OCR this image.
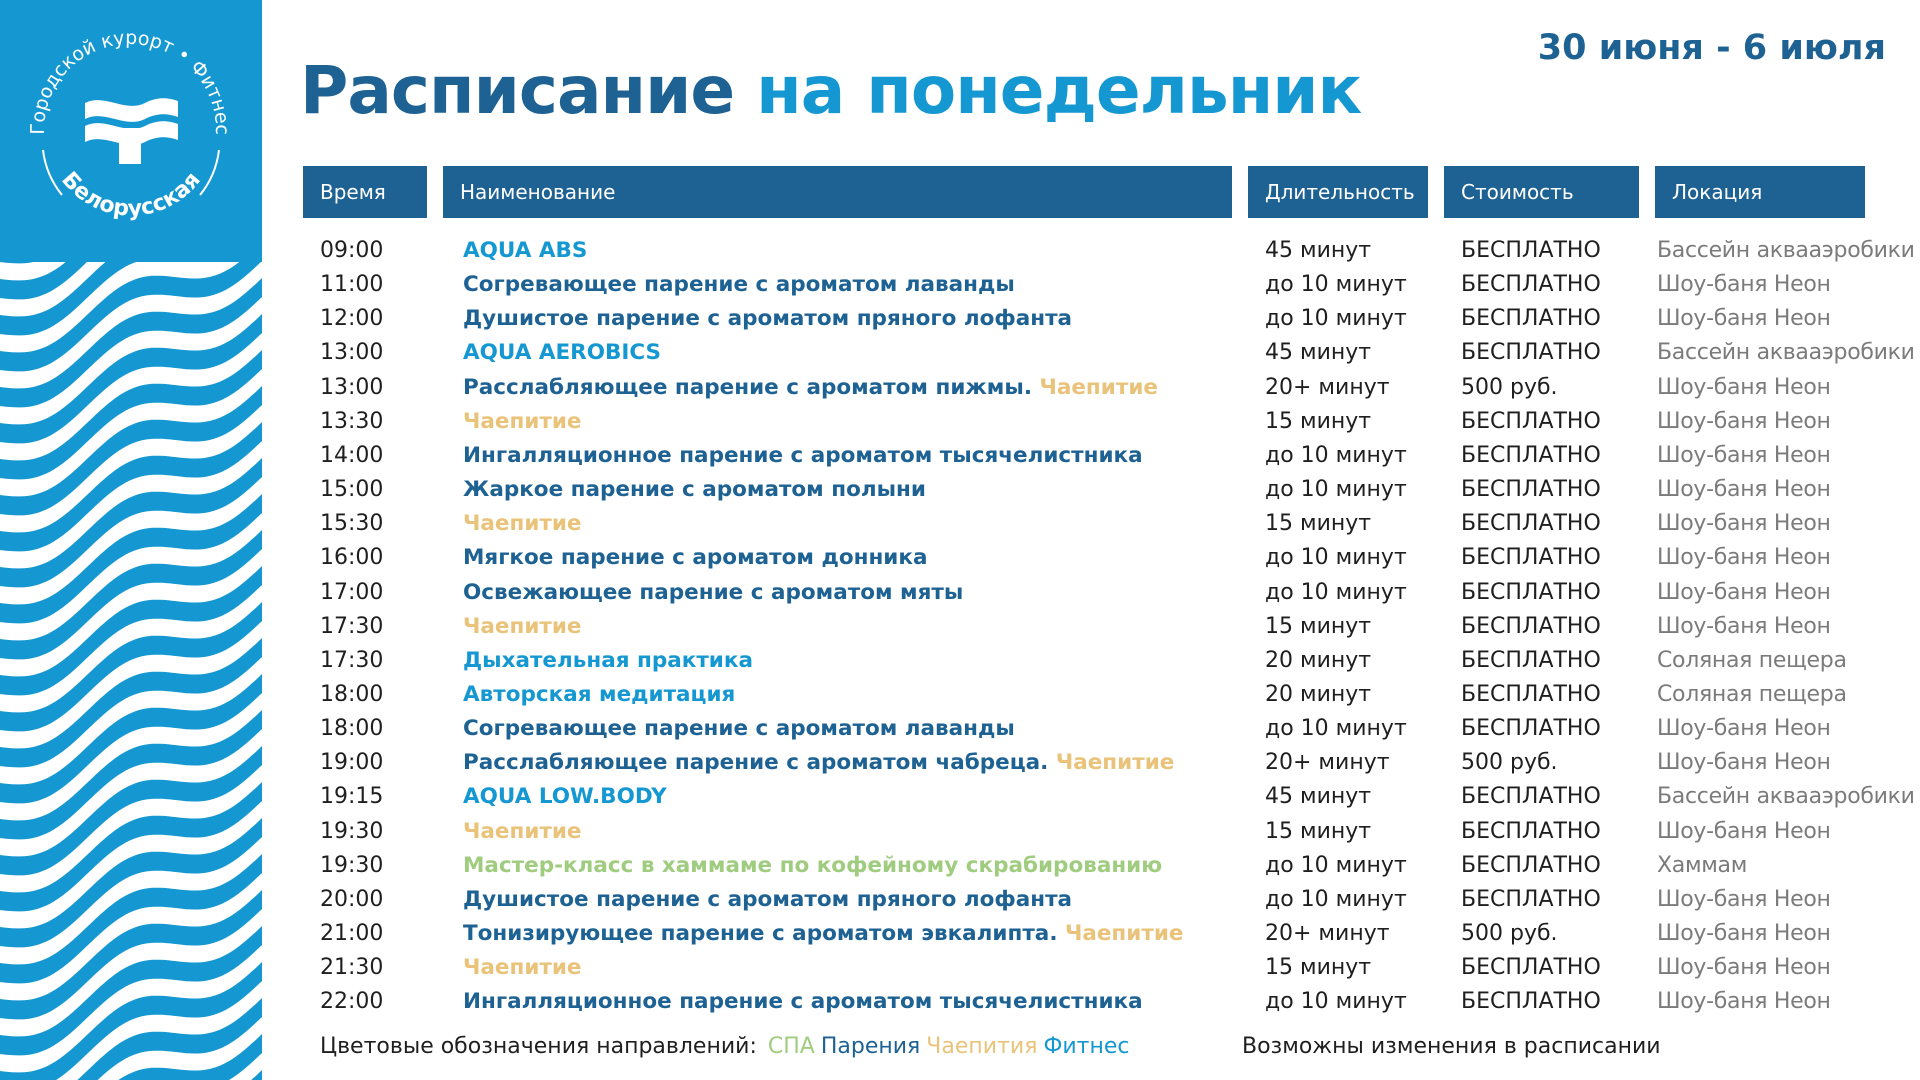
Городской курорт • Фитнес
Белорусская
30 июня - 6 июля
Расписание на понедельник
Время	Наименование	Длительность	Стоимость	Локация
09:00	AQUA ABS	45 минут	БЕСПЛАТНО	Бассейн аквааэробики
11:00	Согревающее парение с ароматом лаванды	до 10 минут БЕСПЛАТНО	Шоу-баня Неон
12:00	Душистое парение с ароматом пряного лофанта	до 10 минут БЕСПЛАТНО	Шоу-баня Неон
13:00	AQUA AEROBICS	45 минут	БЕСПЛАТНО	Бассейн аквааэробики
13:00	Расслабляющее парение с ароматом пижмы. Чаепитие	20+ минут	500 руб.	Шоу-баня Неон
13:30	Чаепитие	15 минут	БЕСПЛАТНО	Шоу-баня Неон
14:00	Ингалляционное парение с ароматом тысячелистника	до 10 минут БЕСПЛАТНО	Шоу-баня Неон
15:00	Жаркое парение с ароматом полыни	до 10 минут БЕСПЛАТНО	Шоу-баня Неон
15:30	Чаепитие	15 минут	БЕСПЛАТНО	Шоу-баня Неон
16:00	Мягкое парение с ароматом донника	до 10 минут БЕСПЛАТНО	Шоу-баня Неон
17:00	Освежающее парение с ароматом мяты	до 10 минут БЕСПЛАТНО	Шоу-баня Неон
17:30	Чаепитие	15 минут	БЕСПЛАТНО	Шоу-баня Неон
17:30	Дыхательная практика	20 минут	БЕСПЛАТНО	Соляная пещера
18:00	Авторская медитация	20 минут	БЕСПЛАТНО	Соляная пещера
18:00	Согревающее парение с ароматом лаванды	до 10 минут БЕСПЛАТНО	Шоу-баня Неон
19:00	Расслабляющее парение с ароматом чабреца. Чаепитие	20+ минут	500 руб.	Шоу-баня Неон
19:15	AQUA LOW.BODY	45 минут	БЕСПЛАТНО	Бассейн аквааэробики
19:30	Чаепитие	15 минут	БЕСПЛАТНО	Шоу-баня Неон
19:30	Мастер-класс в хаммаме по кофейному скрабированию	до 10 минут БЕСПЛАТНО	Хаммам
20:00	Душистое парение с ароматом пряного лофанта	до 10 минут БЕСПЛАТНО	Шоу-баня Неон
21:00	Тонизирующее парение с ароматом эвкалипта. Чаепитие	20+ минут	500 руб.	Шоу-баня Неон
21:30	Чаепитие	15 минут	БЕСПЛАТНО	Шоу-баня Неон
22:00	Ингалляционное парение с ароматом тысячелистника	до 10 минут БЕСПЛАТНО	Шоу-баня Неон
Цветовые обозначения направлений: СПА Парения Чаепития Фитнес	Возможны изменения в расписании
